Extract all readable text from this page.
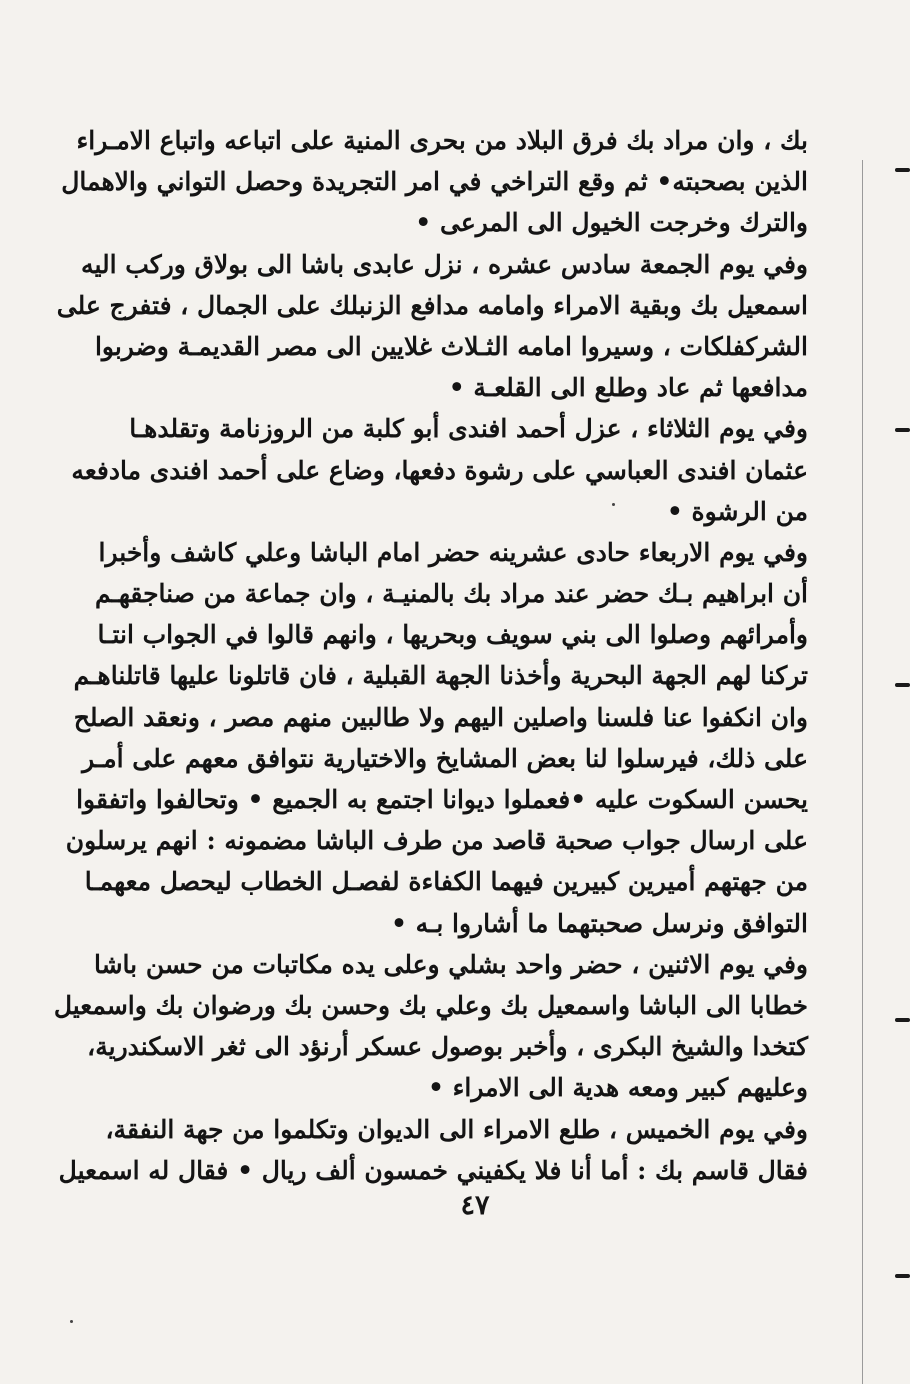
بك ، وان مراد بك فرق البلاد من بحرى المنية على اتباعه واتباع الامـراء
الذين بصحبته• ثم وقع التراخي في امر التجريدة وحصل التواني والاهمال
والترك وخرجت الخيول الى المرعى •
وفي يوم الجمعة سادس عشره ، نزل عابدى باشا الى بولاق وركب اليه
اسمعيل بك وبقية الامراء وامامه مدافع الزنبلك على الجمال ، فتفرج على
الشركفلكات ، وسيروا امامه الثـلاث غلايين الى مصر القديمـة وضربوا
مدافعها ثم عاد وطلع الى القلعـة •
وفي يوم الثلاثاء ، عزل أحمد افندى أبو كلبة من الروزنامة وتقلدهـا
عثمان افندى العباسي على رشوة دفعها، وضاع على أحمد افندى مادفعه
من الرشوة •
وفي يوم الاربعاء حادى عشرينه حضر امام الباشا وعلي كاشف وأخبرا
أن ابراهيم بـك حضر عند مراد بك بالمنيـة ، وان جماعة من صناجقهـم
وأمرائهم وصلوا الى بني سويف وبحريها ، وانهم قالوا في الجواب انتـا
تركنا لهم الجهة البحرية وأخذنا الجهة القبلية ، فان قاتلونا عليها قاتلناهـم
وان انكفوا عنا فلسنا واصلين اليهم ولا طالبين منهم مصر ، ونعقد الصلح
على ذلك، فيرسلوا لنا بعض المشايخ والاختيارية نتوافق معهم على أمـر
يحسن السكوت عليه •فعملوا ديوانا اجتمع به الجميع • وتحالفوا واتفقوا
على ارسال جواب صحبة قاصد من طرف الباشا مضمونه : انهم يرسلون
من جهتهم أميرين كبيرين فيهما الكفاءة لفصـل الخطاب ليحصل معهمـا
التوافق ونرسل صحبتهما ما أشاروا بـه •
وفي يوم الاثنين ، حضر واحد بشلي وعلى يده مكاتبات من حسن باشا
خطابا الى الباشا واسمعيل بك وعلي بك وحسن بك ورضوان بك واسمعيل
كتخدا والشيخ البكرى ، وأخبر بوصول عسكر أرنؤد الى ثغر الاسكندرية،
وعليهم كبير ومعه هدية الى الامراء •
وفي يوم الخميس ، طلع الامراء الى الديوان وتكلموا من جهة النفقة،
فقال قاسم بك : أما أنا فلا يكفيني خمسون ألف ريال • فقال له اسمعيل
٤٧
